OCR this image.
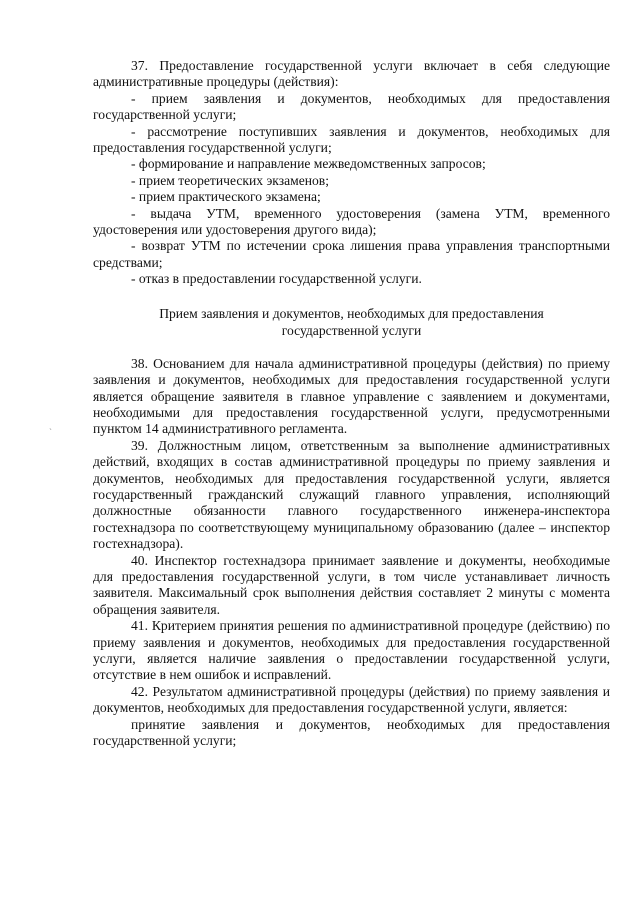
`

37. Предоставление государственной услуги включает в себя следующие административные процедуры (действия):

- прием заявления и документов, необходимых для предоставления государственной услуги;

- рассмотрение поступивших заявления и документов, необходимых для предоставления государственной услуги;

- формирование и направление межведомственных запросов;

- прием теоретических экзаменов;

- прием практического экзамена;

- выдача УТМ, временного удостоверения (замена УТМ, временного удостоверения или удостоверения другого вида);

- возврат УТМ по истечении срока лишения права управления транспортными средствами;

- отказ в предоставлении государственной услуги.

Прием заявления и документов, необходимых для предоставления
государственной услуги

38. Основанием для начала административной процедуры (действия) по приему заявления и документов, необходимых для предоставления государственной услуги является обращение заявителя в главное управление с заявлением и документами, необходимыми для предоставления государственной услуги, предусмотренными пунктом 14 административного регламента.

39. Должностным лицом, ответственным за выполнение административных действий, входящих в состав административной процедуры по приему заявления и документов, необходимых для предоставления государственной услуги, является государственный гражданский служащий главного управления, исполняющий должностные обязанности главного государственного инженера-инспектора гостехнадзора по соответствующему муниципальному образованию (далее – инспектор гостехнадзора).

40. Инспектор гостехнадзора принимает заявление и документы, необходимые для предоставления государственной услуги, в том числе устанавливает личность заявителя. Максимальный срок выполнения действия составляет 2 минуты с момента обращения заявителя.

41. Критерием принятия решения по административной процедуре (действию) по приему заявления и документов, необходимых для предоставления государственной услуги, является наличие заявления о предоставлении государственной услуги, отсутствие в нем ошибок и исправлений.

42. Результатом административной процедуры (действия) по приему заявления и документов, необходимых для предоставления государственной услуги, является:

принятие заявления и документов, необходимых для предоставления государственной услуги;
